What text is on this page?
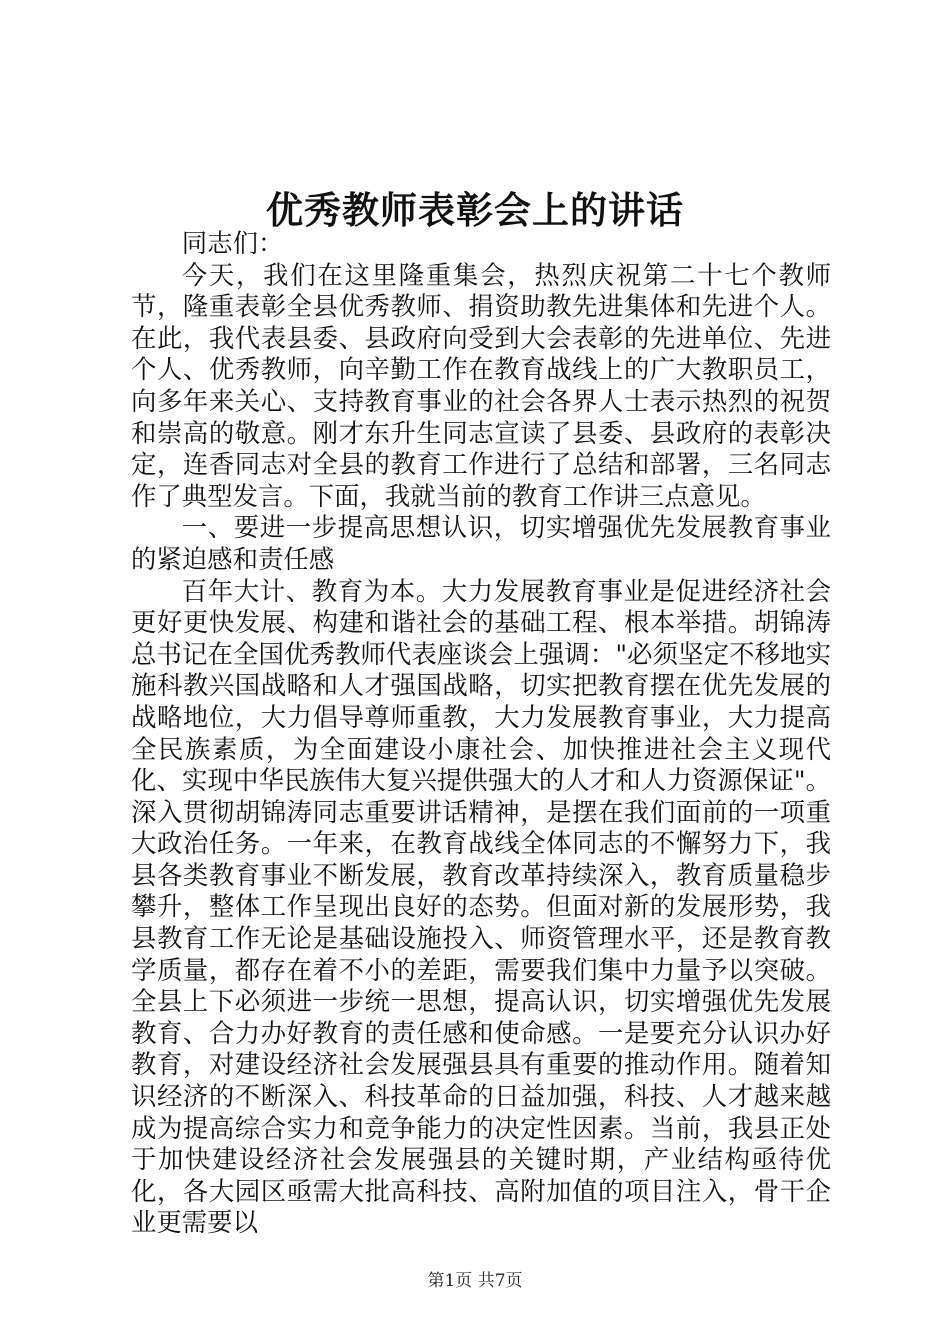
优秀教师表彰会上的讲话

同志们：

今天，我们在这里隆重集会，热烈庆祝第二十七个教师节，隆重表彰全县优秀教师、捐资助教先进集体和先进个人。在此，我代表县委、县政府向受到大会表彰的先进单位、先进个人、优秀教师，向辛勤工作在教育战线上的广大教职员工，向多年来关心、支持教育事业的社会各界人士表示热烈的祝贺和崇高的敬意。刚才东升生同志宣读了县委、县政府的表彰决定，连香同志对全县的教育工作进行了总结和部署，三名同志作了典型发言。下面，我就当前的教育工作讲三点意见。

一、要进一步提高思想认识，切实增强优先发展教育事业的紧迫感和责任感

百年大计、教育为本。大力发展教育事业是促进经济社会更好更快发展、构建和谐社会的基础工程、根本举措。胡锦涛总书记在全国优秀教师代表座谈会上强调："必须坚定不移地实施科教兴国战略和人才强国战略，切实把教育摆在优先发展的战略地位，大力倡导尊师重教，大力发展教育事业，大力提高全民族素质，为全面建设小康社会、加快推进社会主义现代化、实现中华民族伟大复兴提供强大的人才和人力资源保证"。深入贯彻胡锦涛同志重要讲话精神，是摆在我们面前的一项重大政治任务。一年来，在教育战线全体同志的不懈努力下，我县各类教育事业不断发展，教育改革持续深入，教育质量稳步攀升，整体工作呈现出良好的态势。但面对新的发展形势，我县教育工作无论是基础设施投入、师资管理水平，还是教育教学质量，都存在着不小的差距，需要我们集中力量予以突破。全县上下必须进一步统一思想，提高认识，切实增强优先发展教育、合力办好教育的责任感和使命感。一是要充分认识办好教育，对建设经济社会发展强县具有重要的推动作用。随着知识经济的不断深入、科技革命的日益加强，科技、人才越来越成为提高综合实力和竞争能力的决定性因素。当前，我县正处于加快建设经济社会发展强县的关键时期，产业结构亟待优化，各大园区亟需大批高科技、高附加值的项目注入，骨干企业更需要以

第1页 共7页
